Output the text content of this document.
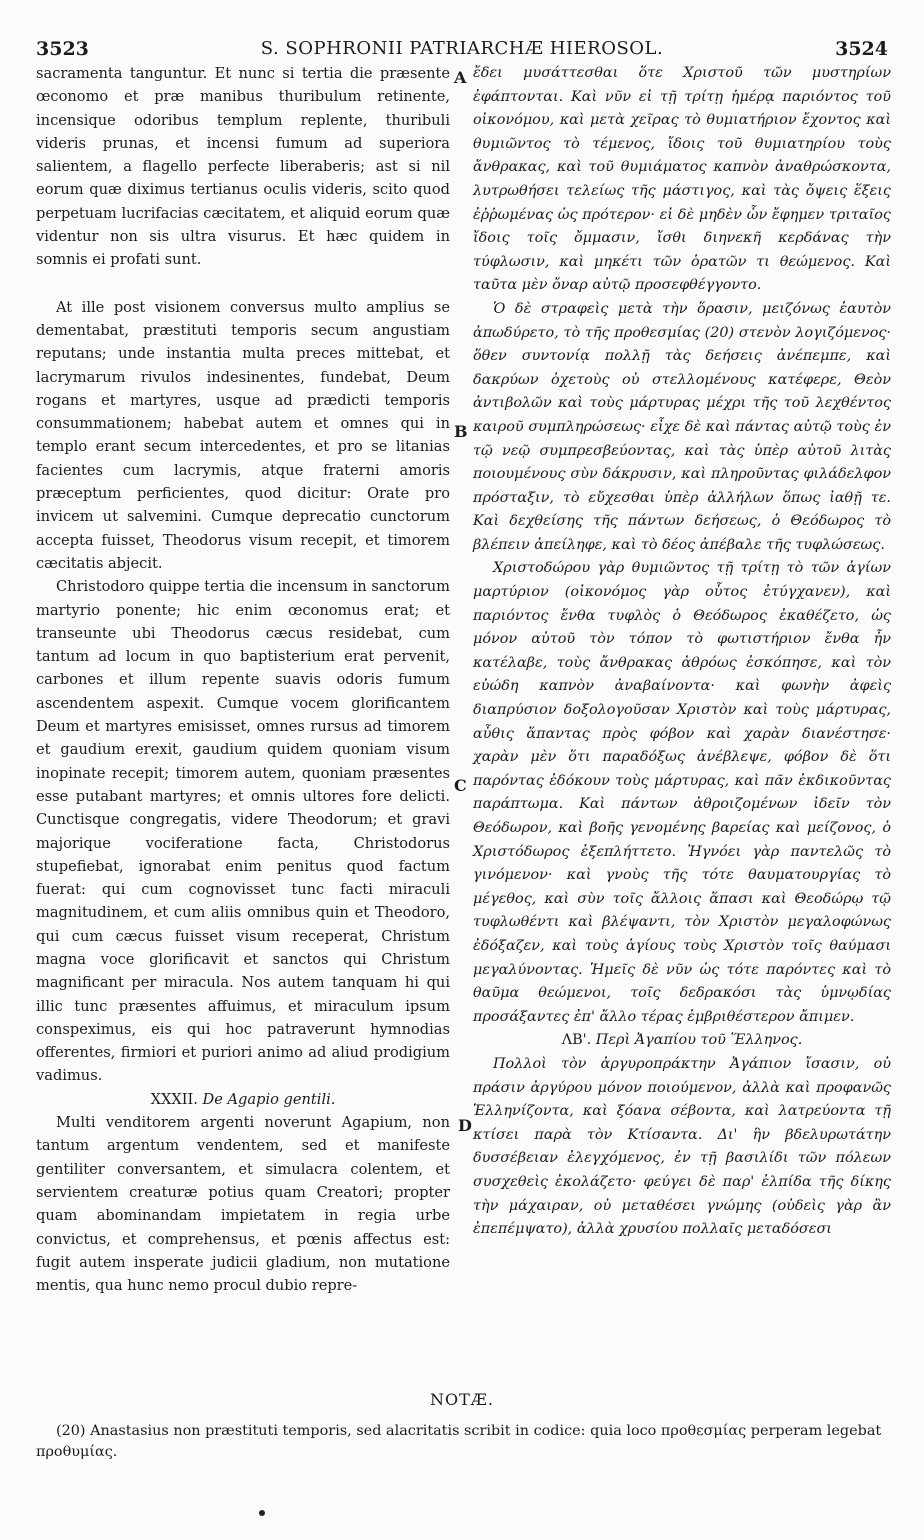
3523	S. SOPHRONII PATRIARCHÆ HIEROSOL.	3524

sacramenta tanguntur. Et nunc si tertia die præsente œconomo et præ manibus thuribulum retinente, incensique odoribus templum replente, thuribuli videris prunas, et incensi fumum ad superiora salientem, a flagello perfecte liberaberis; ast si nil eorum quæ diximus tertianus oculis videris, scito quod perpetuam lucrifacias cæcitatem, et aliquid eorum quæ videntur non sis ultra visurus. Et hæc quidem in somnis ei profati sunt.

At ille post visionem conversus multo amplius se dementabat, præstituti temporis secum angustiam reputans; unde instantia multa preces mittebat, et lacrymarum rivulos indesinentes, fundebat, Deum rogans et martyres, usque ad prædicti temporis consummationem; habebat autem et omnes qui in templo erant secum intercedentes, et pro se litanias facientes cum lacrymis, atque fraterni amoris præceptum perficientes, quod dicitur: Orate pro invicem ut salvemini. Cumque deprecatio cunctorum accepta fuisset, Theodorus visum recepit, et timorem cæcitatis abjecit.

Christodoro quippe tertia die incensum in sanctorum martyrio ponente; hic enim œconomus erat; et transeunte ubi Theodorus cæcus residebat, cum tantum ad locum in quo baptisterium erat pervenit, carbones et illum repente suavis odoris fumum ascendentem aspexit. Cumque vocem glorificantem Deum et martyres emisisset, omnes rursus ad timorem et gaudium erexit, gaudium quidem quoniam visum inopinate recepit; timorem autem, quoniam præsentes esse putabant martyres; et omnis ultores fore delicti. Cunctisque congregatis, videre Theodorum; et gravi majorique vociferatione facta, Christodorus stupefiebat, ignorabat enim penitus quod factum fuerat: qui cum cognovisset tunc facti miraculi magnitudinem, et cum aliis omnibus quin et Theodoro, qui cum cæcus fuisset visum receperat, Christum magna voce glorificavit et sanctos qui Christum magnificant per miracula. Nos autem tanquam hi qui illic tunc præsentes affuimus, et miraculum ipsum conspeximus, eis qui hoc patraverunt hymnodias offerentes, firmiori et puriori animo ad aliud prodigium vadimus.

XXXII. De Agapio gentili.

Multi venditorem argenti noverunt Agapium, non tantum argentum vendentem, sed et manifeste gentiliter conversantem, et simulacra colentem, et servientem creaturæ potius quam Creatori; propter quam abominandam impietatem in regia urbe convictus, et comprehensus, et pœnis affectus est: fugit autem insperate judicii gladium, non mutatione mentis, qua hunc nemo procul dubio repre-

A
B
C
D

ἔδει μυσάττεσθαι ὅτε Χριστοῦ τῶν μυστηρίων ἐφάπτονται. Καὶ νῦν εἰ τῇ τρίτῃ ἡμέρᾳ παριόντος τοῦ οἰκονόμου, καὶ μετὰ χεῖρας τὸ θυμιατήριον ἔχοντος καὶ θυμιῶντος τὸ τέμενος, ἴδοις τοῦ θυμιατηρίου τοὺς ἄνθρακας, καὶ τοῦ θυμιάματος καπνὸν ἀναθρώσκοντα, λυτρωθήσει τελείως τῆς μάστιγος, καὶ τὰς ὄψεις ἕξεις ἐῤῥωμένας ὡς πρότερον· εἰ δὲ μηδὲν ὧν ἔφημεν τριταῖος ἴδοις τοῖς ὄμμασιν, ἴσθι διηνεκῆ κερδάνας τὴν τύφλωσιν, καὶ μηκέτι τῶν ὁρατῶν τι θεώμενος. Καὶ ταῦτα μὲν ὄναρ αὐτῷ προσεφθέγγοντο.

Ὁ δὲ στραφεὶς μετὰ τὴν ὅρασιν, μειζόνως ἑαυτὸν ἀπωδύρετο, τὸ τῆς προθεσμίας (20) στενὸν λογιζόμενος· ὅθεν συντονίᾳ πολλῇ τὰς δεήσεις ἀνέπεμπε, καὶ δακρύων ὀχετοὺς οὐ στελλομένους κατέφερε, Θεὸν ἀντιβολῶν καὶ τοὺς μάρτυρας μέχρι τῆς τοῦ λεχθέντος καιροῦ συμπληρώσεως· εἶχε δὲ καὶ πάντας αὐτῷ τοὺς ἐν τῷ νεῷ συμπρεσβεύοντας, καὶ τὰς ὑπὲρ αὐτοῦ λιτὰς ποιουμένους σὺν δάκρυσιν, καὶ πληροῦντας φιλάδελφον πρόσταξιν, τὸ εὔχεσθαι ὑπὲρ ἀλλήλων ὅπως ἰαθῇ τε. Καὶ δεχθείσης τῆς πάντων δεήσεως, ὁ Θεόδωρος τὸ βλέπειν ἀπείληφε, καὶ τὸ δέος ἀπέβαλε τῆς τυφλώσεως.

Χριστοδώρου γὰρ θυμιῶντος τῇ τρίτῃ τὸ τῶν ἁγίων μαρτύριον (οἰκονόμος γὰρ οὗτος ἐτύγχανεν), καὶ παριόντος ἔνθα τυφλὸς ὁ Θεόδωρος ἐκαθέζετο, ὡς μόνον αὐτοῦ τὸν τόπον τὸ φωτιστήριον ἔνθα ἦν κατέλαβε, τοὺς ἄνθρακας ἀθρόως ἐσκόπησε, καὶ τὸν εὐώδη καπνὸν ἀναβαίνοντα· καὶ φωνὴν ἀφεὶς διαπρύσιον δοξολογοῦσαν Χριστὸν καὶ τοὺς μάρτυρας, αὖθις ἅπαντας πρὸς φόβον καὶ χαρὰν διανέστησε· χαρὰν μὲν ὅτι παραδόξως ἀνέβλεψε, φόβον δὲ ὅτι παρόντας ἐδόκουν τοὺς μάρτυρας, καὶ πᾶν ἐκδικοῦντας παράπτωμα. Καὶ πάντων ἀθροιζομένων ἰδεῖν τὸν Θεόδωρον, καὶ βοῆς γενομένης βαρείας καὶ μείζονος, ὁ Χριστόδωρος ἐξεπλήττετο. Ἠγνόει γὰρ παντελῶς τὸ γινόμενον· καὶ γνοὺς τῆς τότε θαυματουργίας τὸ μέγεθος, καὶ σὺν τοῖς ἄλλοις ἅπασι καὶ Θεοδώρῳ τῷ τυφλωθέντι καὶ βλέψαντι, τὸν Χριστὸν μεγαλοφώνως ἐδόξαζεν, καὶ τοὺς ἁγίους τοὺς Χριστὸν τοῖς θαύμασι μεγαλύνοντας. Ἡμεῖς δὲ νῦν ὡς τότε παρόντες καὶ τὸ θαῦμα θεώμενοι, τοῖς δεδρακόσι τὰς ὑμνῳδίας προσάξαντες ἐπ' ἄλλο τέρας ἐμβριθέστερον ἄπιμεν.

ΛΒ'. Περὶ Ἀγαπίου τοῦ Ἕλληνος.

Πολλοὶ τὸν ἀργυροπράκτην Ἀγάπιον ἴσασιν, οὐ πράσιν ἀργύρου μόνον ποιούμενον, ἀλλὰ καὶ προφανῶς Ἑλληνίζοντα, καὶ ξόανα σέβοντα, καὶ λατρεύοντα τῇ κτίσει παρὰ τὸν Κτίσαντα. Δι' ἣν βδελυρωτάτην δυσσέβειαν ἐλεγχόμενος, ἐν τῇ βασιλίδι τῶν πόλεων συσχεθεὶς ἐκολάζετο· φεύγει δὲ παρ' ἐλπίδα τῆς δίκης τὴν μάχαιραν, οὐ μεταθέσει γνώμης (οὐδεὶς γὰρ ἂν ἐπεπέμψατο), ἀλλὰ χρυσίου πολλαῖς μεταδόσεσι

NOTÆ.

(20) Anastasius non præstituti temporis, sed alacritatis scribit in codice: quia loco προθεσμίας perperam legebat προθυμίας.
